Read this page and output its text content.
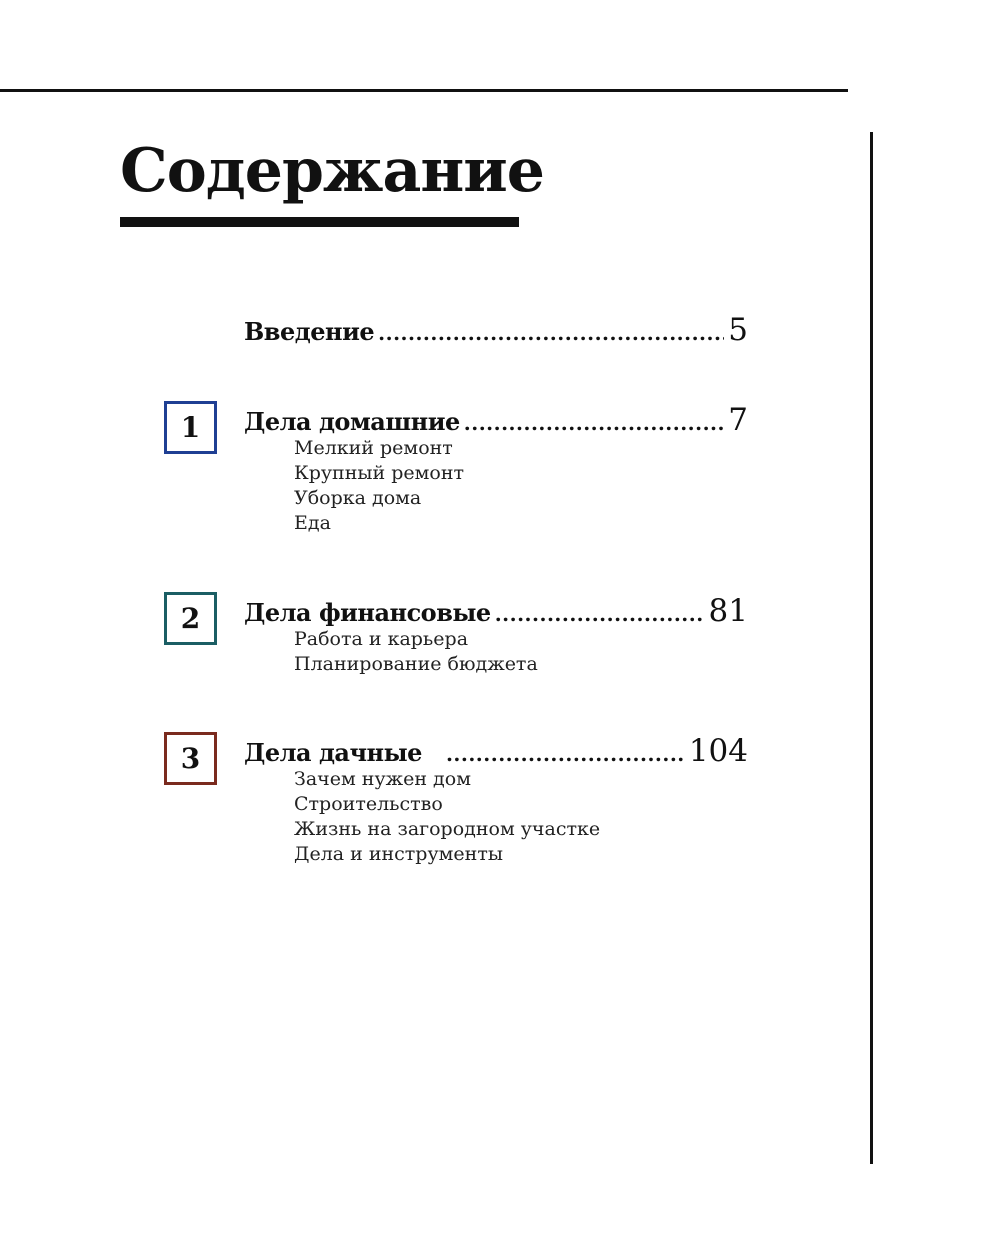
Содержание
Введение .....	5
1 Дела домашние .....	7
Мелкий ремонт
Крупный ремонт
Уборка дома
Еда
2 Дела финансовые .....	81
Работа и карьера
Планирование бюджета
3 Дела дачные .....	104
Зачем нужен дом
Строительство
Жизнь на загородном участке
Дела и инструменты
